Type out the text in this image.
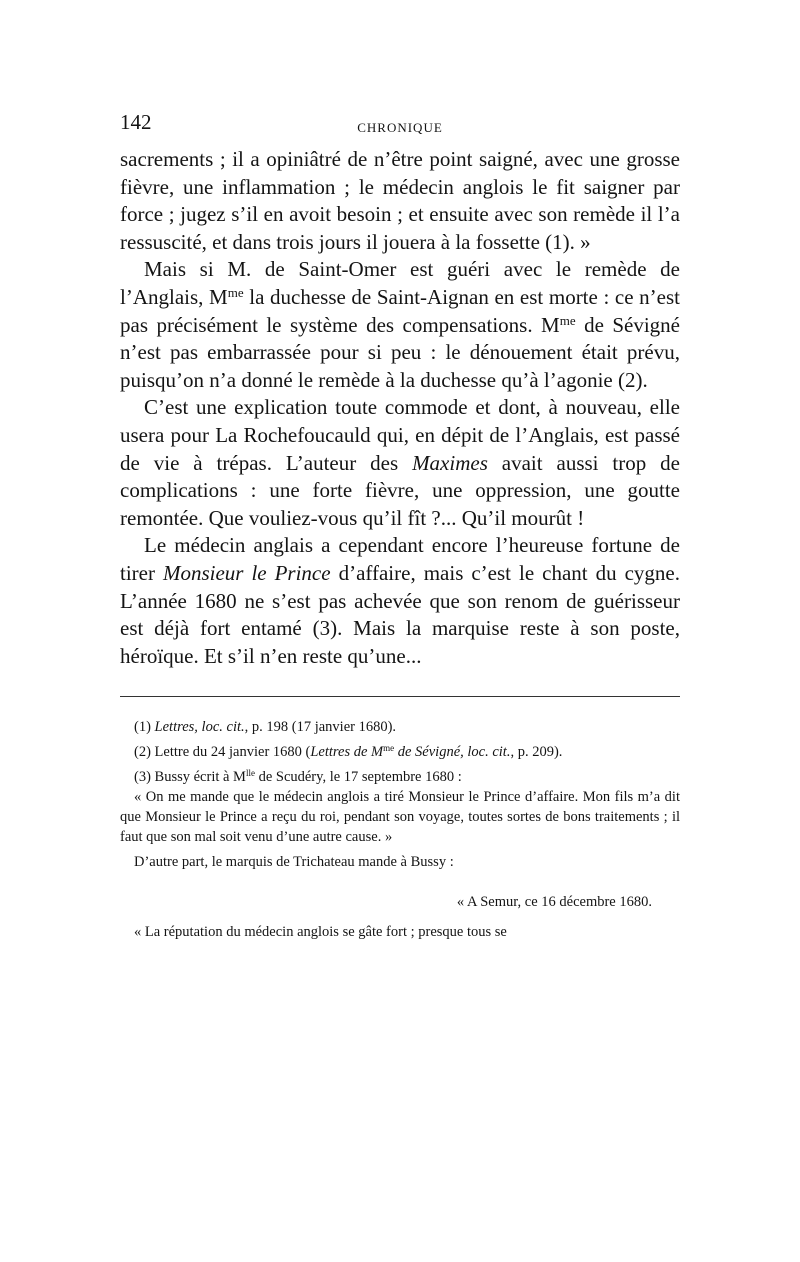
142	CHRONIQUE

sacrements ; il a opiniâtré de n’être point saigné, avec une grosse fièvre, une inflammation ; le médecin anglois le fit saigner par force ; jugez s’il en avoit besoin ; et ensuite avec son remède il l’a ressuscité, et dans trois jours il jouera à la fossette (1). »

Mais si M. de Saint-Omer est guéri avec le remède de l’Anglais, $M^{me}$ la duchesse de Saint-Aignan en est morte : ce n’est pas précisément le système des compensations. $M^{me}$ de Sévigné n’est pas embarrassée pour si peu : le dénouement était prévu, puisqu’on n’a donné le remède à la duchesse qu’à l’agonie (2).

C’est une explication toute commode et dont, à nouveau, elle usera pour La Rochefoucauld qui, en dépit de l’Anglais, est passé de vie à trépas. L’auteur des Maximes avait aussi trop de complications : une forte fièvre, une oppression, une goutte remontée. Que vouliez-vous qu’il fît ?... Qu’il mourût !

Le médecin anglais a cependant encore l’heureuse fortune de tirer Monsieur le Prince d’affaire, mais c’est le chant du cygne. L’année 1680 ne s’est pas achevée que son renom de guérisseur est déjà fort entamé (3). Mais la marquise reste à son poste, héroïque. Et s’il n’en reste qu’une...

(1) Lettres, loc. cit., p. 198 (17 janvier 1680).

(2) Lettre du 24 janvier 1680 (Lettres de $M^{me}$ de Sévigné, loc. cit., p. 209).

(3) Bussy écrit à $M^{lle}$ de Scudéry, le 17 septembre 1680 :

« On me mande que le médecin anglois a tiré Monsieur le Prince d’affaire. Mon fils m’a dit que Monsieur le Prince a reçu du roi, pendant son voyage, toutes sortes de bons traitements ; il faut que son mal soit venu d’une autre cause. »

D’autre part, le marquis de Trichateau mande à Bussy :

« A Semur, ce 16 décembre 1680.

« La réputation du médecin anglois se gâte fort ; presque tous se
